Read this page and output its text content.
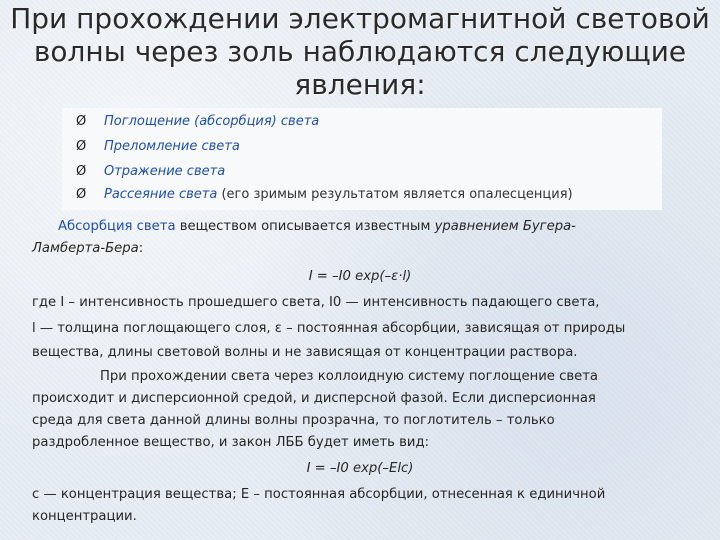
При прохождении электромагнитной световой
волны через золь наблюдаются следующие
явления:
Ø Поглощение (абсорбция) света
Ø Преломление света
Ø Отражение света
Ø Рассеяние света (его зримым результатом является опалесценция)
Абсорбция света веществом описывается известным уравнением Бугера-
Ламберта-Бера:
I = –I0 exp(–ε·l)
где I – интенсивность прошедшего света, I0 — интенсивность падающего света,
l — толщина поглощающего слоя, ε – постоянная абсорбции, зависящая от природы
вещества, длины световой волны и не зависящая от концентрации раствора.
При прохождении света через коллоидную систему поглощение света
происходит и дисперсионной средой, и дисперсной фазой. Если дисперсионная
среда для света данной длины волны прозрачна, то поглотитель – только
раздробленное вещество, и закон ЛББ будет иметь вид:
I = –I0 exp(–Elc)
c — концентрация вещества; E – постоянная абсорбции, отнесенная к единичной
концентрации.
